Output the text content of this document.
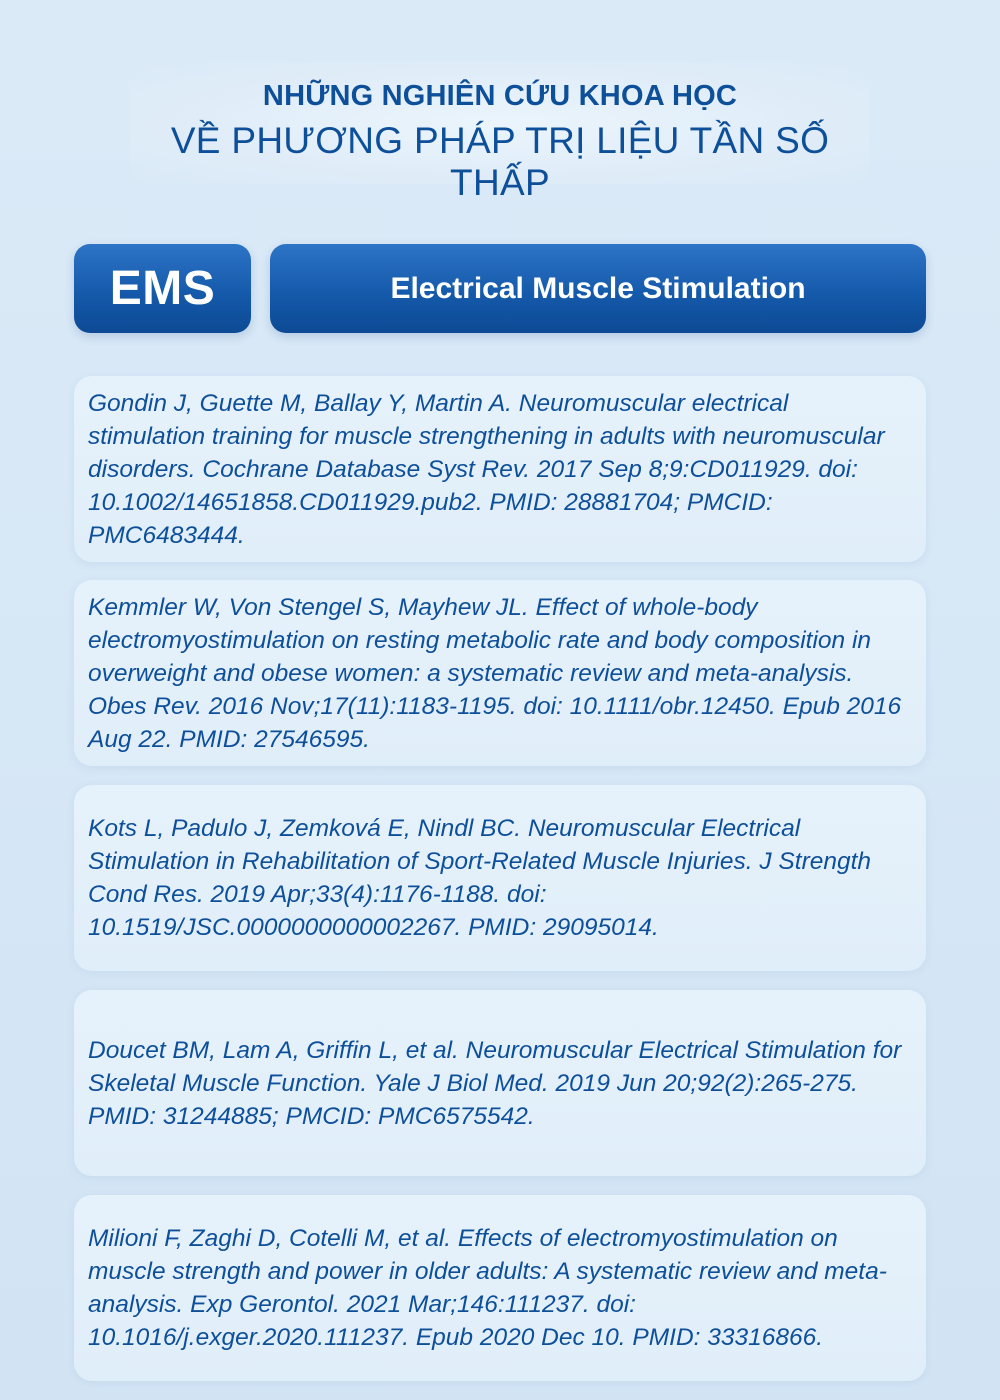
NHỮNG NGHIÊN CỨU KHOA HỌC
VỀ PHƯƠNG PHÁP TRỊ LIỆU TẦN SỐ THẤP
EMS	Electrical Muscle Stimulation

Gondin J, Guette M, Ballay Y, Martin A. Neuromuscular electrical stimulation training for muscle strengthening in adults with neuromuscular disorders. Cochrane Database Syst Rev. 2017 Sep 8;9:CD011929. doi: 10.1002/14651858.CD011929.pub2. PMID: 28881704; PMCID: PMC6483444.

Kemmler W, Von Stengel S, Mayhew JL. Effect of whole-body electromyostimulation on resting metabolic rate and body composition in overweight and obese women: a systematic review and meta-analysis. Obes Rev. 2016 Nov;17(11):1183-1195. doi: 10.1111/obr.12450. Epub 2016 Aug 22. PMID: 27546595.

Kots L, Padulo J, Zemková E, Nindl BC. Neuromuscular Electrical Stimulation in Rehabilitation of Sport-Related Muscle Injuries. J Strength Cond Res. 2019 Apr;33(4):1176-1188. doi: 10.1519/JSC.0000000000002267. PMID: 29095014.

Doucet BM, Lam A, Griffin L, et al. Neuromuscular Electrical Stimulation for Skeletal Muscle Function. Yale J Biol Med. 2019 Jun 20;92(2):265-275. PMID: 31244885; PMCID: PMC6575542.

Milioni F, Zaghi D, Cotelli M, et al. Effects of electromyostimulation on muscle strength and power in older adults: A systematic review and meta-analysis. Exp Gerontol. 2021 Mar;146:111237. doi: 10.1016/j.exger.2020.111237. Epub 2020 Dec 10. PMID: 33316866.
